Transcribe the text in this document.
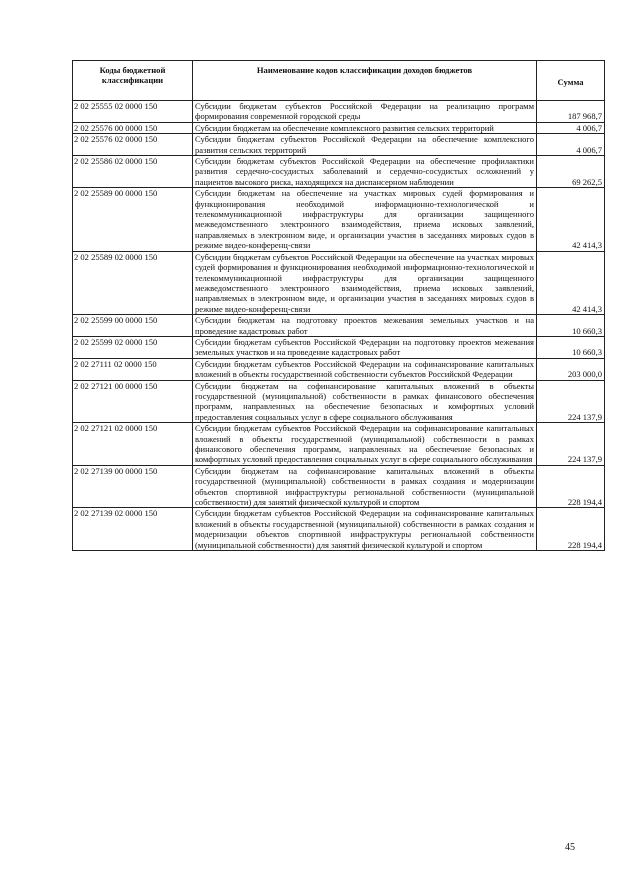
Коды бюджетной классификации	Наименование кодов классификации доходов бюджетов	Сумма
2 02 25555 02 0000 150	Субсидии бюджетам субъектов Российской Федерации на реализацию программ формирования современной городской среды	187 968,7
2 02 25576 00 0000 150	Субсидии бюджетам на обеспечение комплексного развития сельских территорий	4 006,7
2 02 25576 02 0000 150	Субсидии бюджетам субъектов Российской Федерации на обеспечение комплексного развития сельских территорий	4 006,7
2 02 25586 02 0000 150	Субсидии бюджетам субъектов Российской Федерации на обеспечение профилактики развития сердечно-сосудистых заболеваний и сердечно-сосудистых осложнений у пациентов высокого риска, находящихся на диспансерном наблюдении	69 262,5
2 02 25589 00 0000 150	Субсидии бюджетам на обеспечение на участках мировых судей формирования и функционирования необходимой информационно-технологической и телекоммуникационной инфраструктуры для организации защищенного межведомственного электронного взаимодействия, приема исковых заявлений, направляемых в электронном виде, и организации участия в заседаниях мировых судов в режиме видео-конференц-связи	42 414,3
2 02 25589 02 0000 150	Субсидии бюджетам субъектов Российской Федерации на обеспечение на участках мировых судей формирования и функционирования необходимой информационно-технологической и телекоммуникационной инфраструктуры для организации защищенного межведомственного электронного взаимодействия, приема исковых заявлений, направляемых в электронном виде, и организации участия в заседаниях мировых судов в режиме видео-конференц-связи	42 414,3
2 02 25599 00 0000 150	Субсидии бюджетам на подготовку проектов межевания земельных участков и на проведение кадастровых работ	10 660,3
2 02 25599 02 0000 150	Субсидии бюджетам субъектов Российской Федерации на подготовку проектов межевания земельных участков и на проведение кадастровых работ	10 660,3
2 02 27111 02 0000 150	Субсидии бюджетам субъектов Российской Федерации на софинансирование капитальных вложений в объекты государственной собственности субъектов Российской Федерации	203 000,0
2 02 27121 00 0000 150	Субсидии бюджетам на софинансирование капитальных вложений в объекты государственной (муниципальной) собственности в рамках финансового обеспечения программ, направленных на обеспечение безопасных и комфортных условий предоставления социальных услуг в сфере социального обслуживания	224 137,9
2 02 27121 02 0000 150	Субсидии бюджетам субъектов Российской Федерации на софинансирование капитальных вложений в объекты государственной (муниципальной) собственности в рамках финансового обеспечения программ, направленных на обеспечение безопасных и комфортных условий предоставления социальных услуг в сфере социального обслуживания	224 137,9
2 02 27139 00 0000 150	Субсидии бюджетам на софинансирование капитальных вложений в объекты государственной (муниципальной) собственности в рамках создания и модернизации объектов спортивной инфраструктуры региональной собственности (муниципальной собственности) для занятий физической культурой и спортом	228 194,4
2 02 27139 02 0000 150	Субсидии бюджетам субъектов Российской Федерации на софинансирование капитальных вложений в объекты государственной (муниципальной) собственности в рамках создания и модернизации объектов спортивной инфраструктуры региональной собственности (муниципальной собственности) для занятий физической культурой и спортом	228 194,4
45
